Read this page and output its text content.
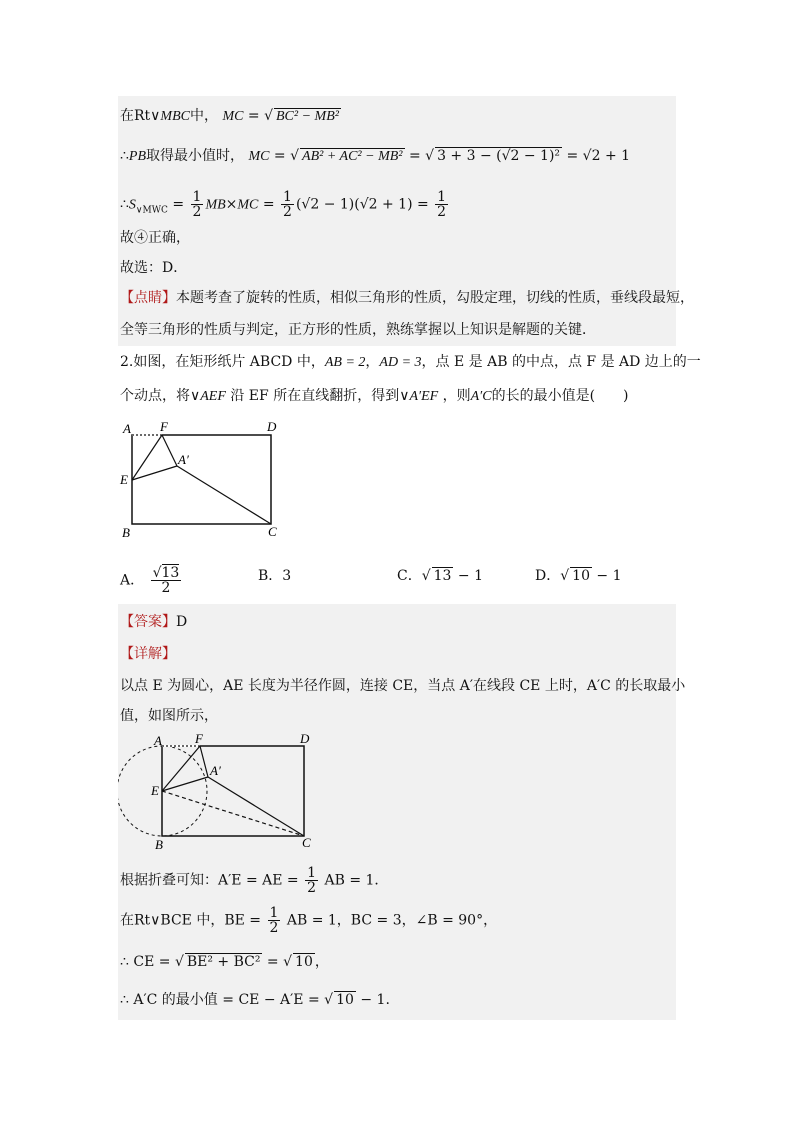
在Rt∨MBC中， MC = √ BC² − MB²
∴PB取得最小值时， MC = √ AB² + AC² − MB² = √ 3 + 3 − (√2 − 1)² = √2 + 1
$\therefore S_{\vee MWC} = \frac{1}{2} MB\times MC = \frac{1}{2} (√2 - 1)(√2 + 1) = \frac{1}{2}$
故④正确，
故选：D．
【点睛】本题考查了旋转的性质，相似三角形的性质，勾股定理，切线的性质，垂线段最短，
全等三角形的性质与判定，正方形的性质，熟练掌握以上知识是解题的关键．
2.如图，在矩形纸片 ABCD 中，AB = 2，AD = 3，点 E 是 AB 的中点，点 F 是 AD 边上的一
个动点，将∨AEF 沿 EF 所在直线翻折，得到∨A′EF ，则A′C的长的最小值是(　　)
A F	D
A′
E
B	C
A． $\frac{√13}{2}$	B．3	C．√ 13 − 1	D．√ 10 − 1
【答案】D
【详解】
以点 E 为圆心，AE 长度为半径作圆，连接 CE，当点 A′在线段 CE 上时，A′C 的长取最小
值，如图所示，
A	F	D
A′
E
B	C
根据折叠可知：A′E = AE = $\frac{1}{2}$ AB = 1．
在Rt∨BCE 中，BE = $\frac{1}{2}$ AB = 1，BC = 3，∠B = 90°，
∴ CE = √ BE² + BC² = √ 10 ，
∴ A′C 的最小值 = CE − A′E = √ 10 − 1.
